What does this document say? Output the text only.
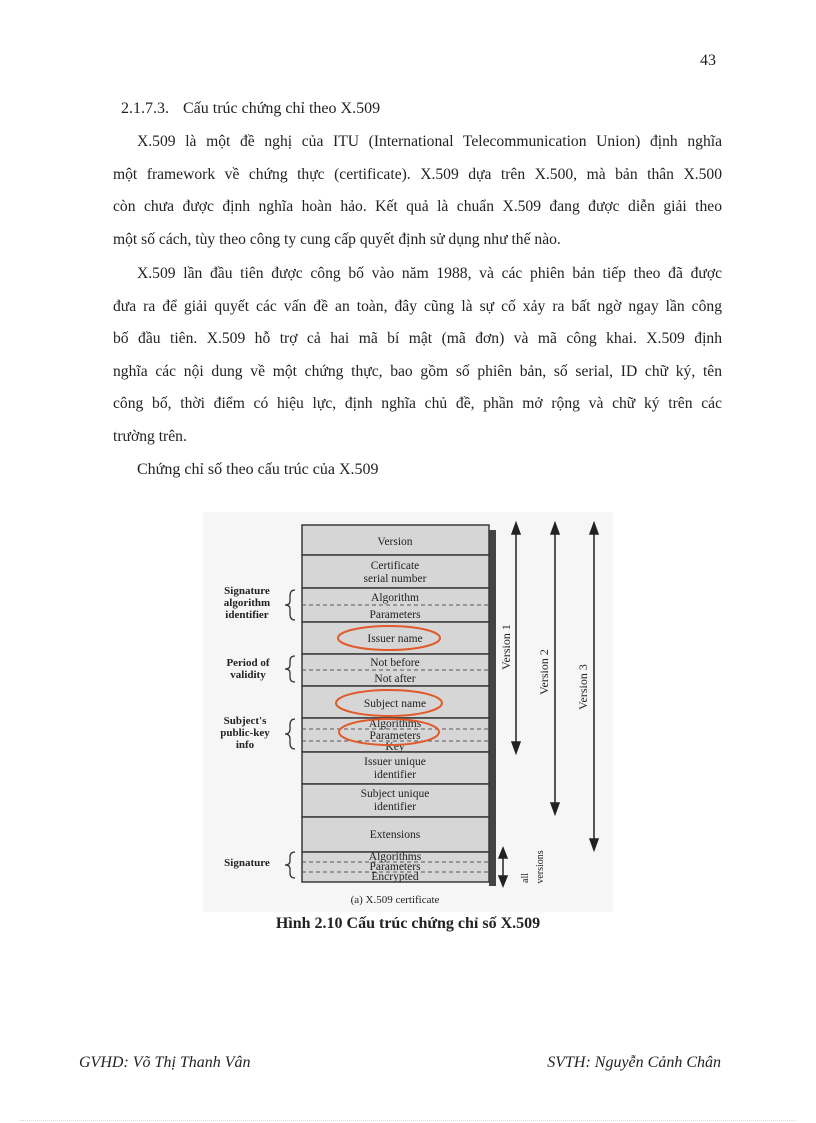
43
2.1.7.3. Cấu trúc chứng chỉ theo X.509
X.509 là một đề nghị của ITU (International Telecommunication Union) định nghĩa
một framework về chứng thực (certificate). X.509 dựa trên X.500, mà bản thân X.500
còn chưa được định nghĩa hoàn hảo. Kết quả là chuẩn X.509 đang được diễn giải theo
một số cách, tùy theo công ty cung cấp quyết định sử dụng như thế nào.
X.509 lần đầu tiên được công bố vào năm 1988, và các phiên bản tiếp theo đã được
đưa ra để giải quyết các vấn đề an toàn, đây cũng là sự cố xảy ra bất ngờ ngay lần công
bố đầu tiên. X.509 hỗ trợ cả hai mã bí mật (mã đơn) và mã công khai. X.509 định
nghĩa các nội dung về một chứng thực, bao gồm số phiên bản, số serial, ID chữ ký, tên
công bố, thời điểm có hiệu lực, định nghĩa chủ đề, phần mở rộng và chữ ký trên các
trường trên.
Chứng chỉ số theo cấu trúc của X.509
Version
Certificate
serial number
Algorithm
Parameters
Issuer name
Not before
Not after
Subject name
Algorithms
Parameters
Key
Issuer unique
identifier
Subject unique
identifier
Extensions
Algorithms
Parameters
Encrypted
Signature
algorithm
identifier
Period of
validity
Subject's
public-key
info
Signature
Version 1
Version 2 Version 3
all versions
(a) X.509 certificate
Hình 2.10 Cấu trúc chứng chỉ số X.509
GVHD: Võ Thị Thanh Vân	SVTH: Nguyễn Cảnh Chân
